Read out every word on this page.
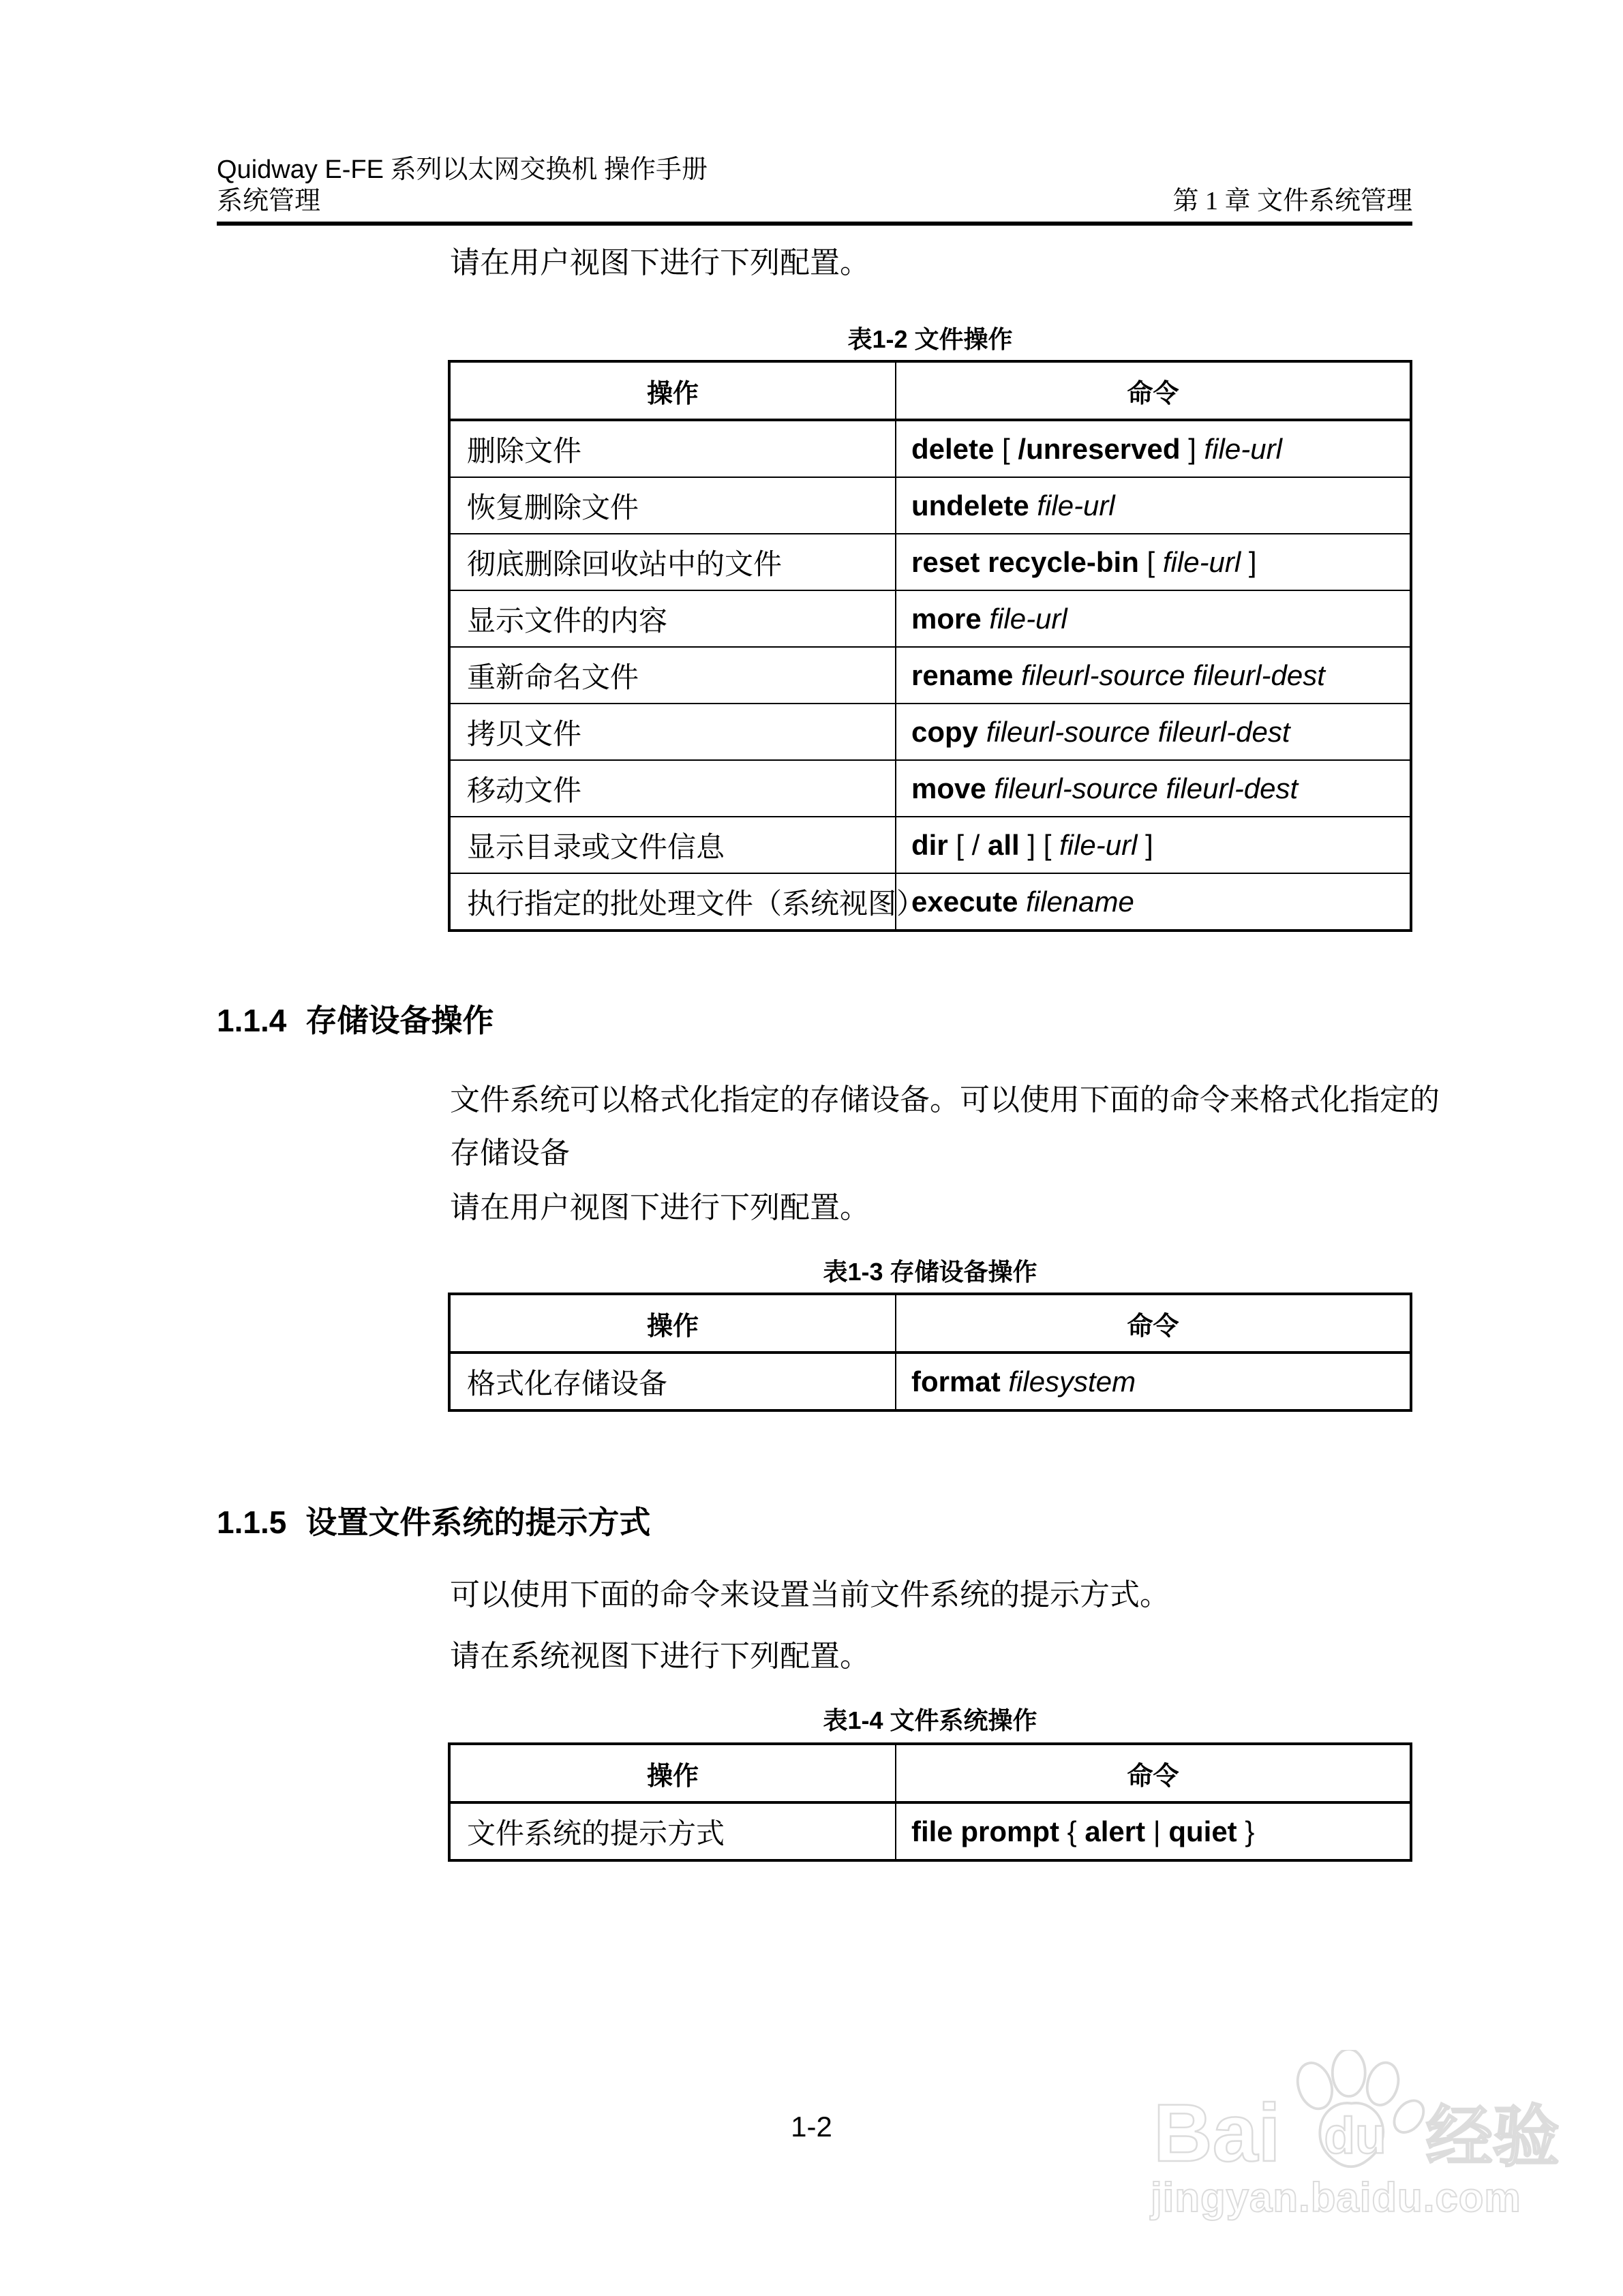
Quidway E-FE 系列以太网交换机 操作手册
系统管理	第 1 章 文件系统管理
请在用户视图下进行下列配置。
表1-2 文件操作
操作	命令
删除文件	delete [ /unreserved ] file-url
恢复删除文件	undelete file-url
彻底删除回收站中的文件	reset recycle-bin [ file-url ]
显示文件的内容	more file-url
重新命名文件	rename fileurl-source fileurl-dest
拷贝文件	copy fileurl-source fileurl-dest
移动文件	move fileurl-source fileurl-dest
显示目录或文件信息	dir [ / all ] [ file-url ]
执行指定的批处理文件（系统视图）	execute filename
1.1.4 存储设备操作
文件系统可以格式化指定的存储设备。可以使用下面的命令来格式化指定的
存储设备
请在用户视图下进行下列配置。
表1-3 存储设备操作
操作	命令
格式化存储设备	format filesystem
1.1.5 设置文件系统的提示方式
可以使用下面的命令来设置当前文件系统的提示方式。
请在系统视图下进行下列配置。
表1-4 文件系统操作
操作	命令
文件系统的提示方式	file prompt { alert | quiet }
1-2	Bai du 经验
jingyan.baidu.com
